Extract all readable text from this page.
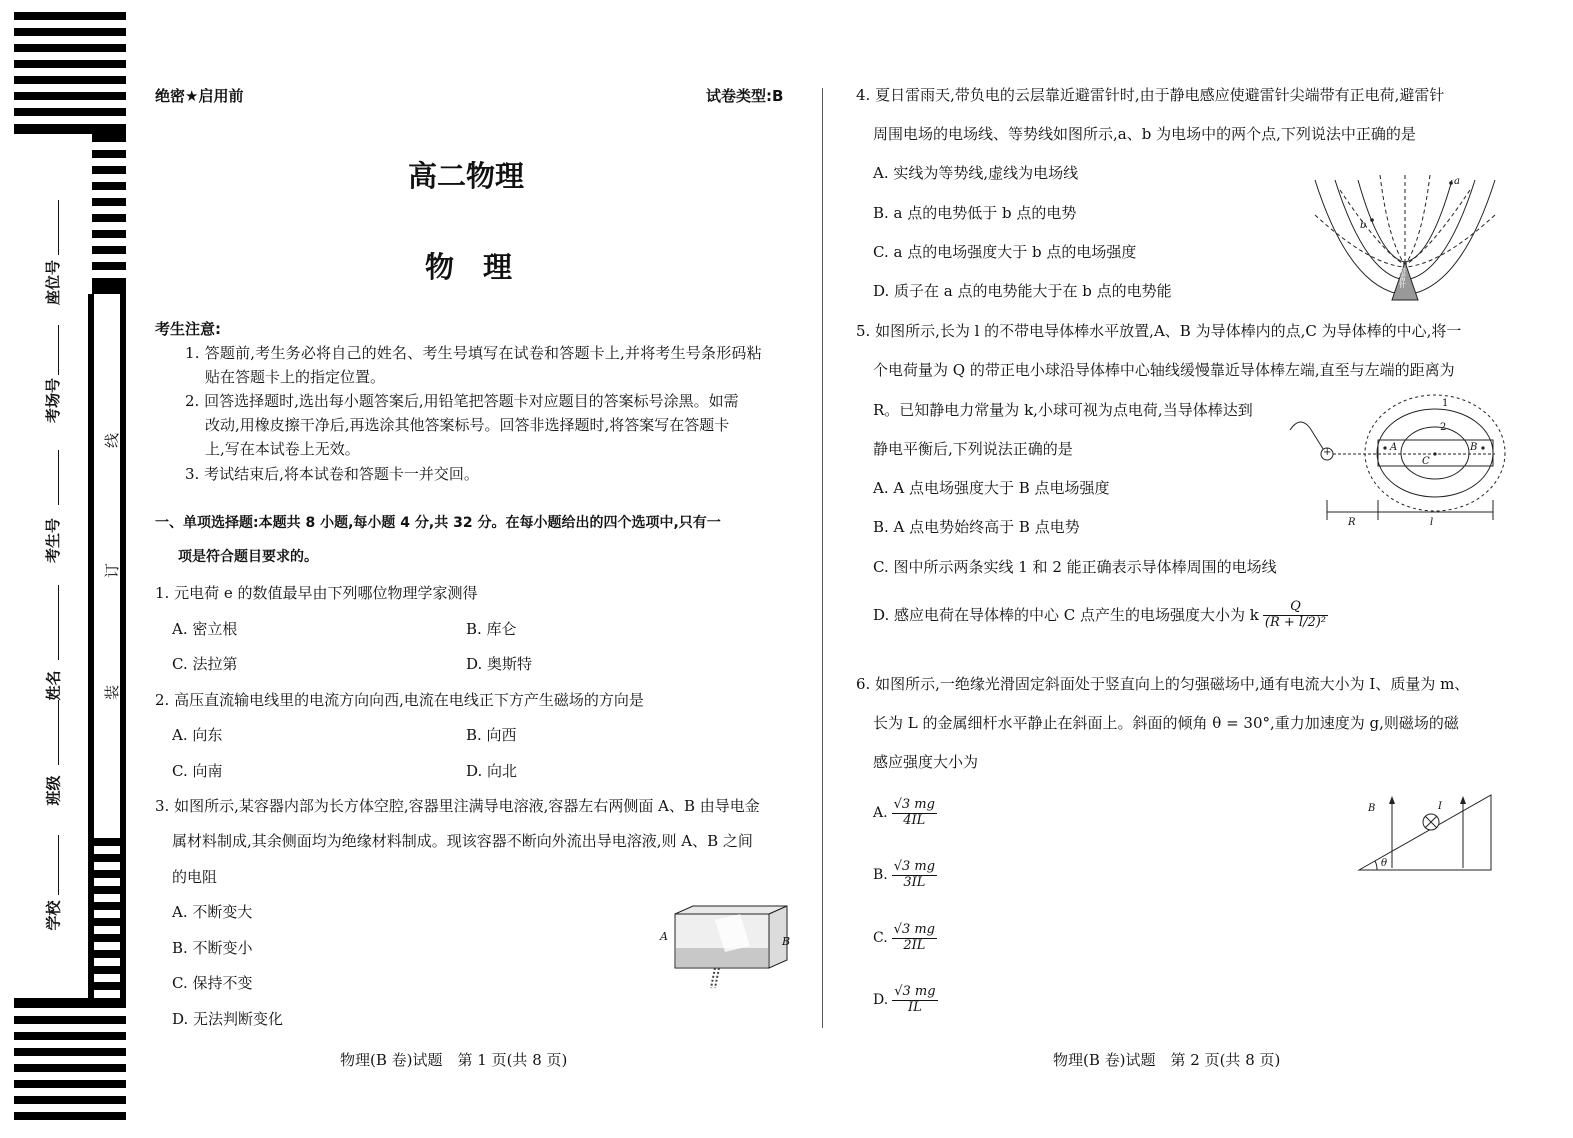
学校
班级
姓名
考生号
考场号
座位号
装
订
线
绝密★启用前	试卷类型:B
高二物理
物　理
考生注意:
1. 答题前,考生务必将自己的姓名、考生号填写在试卷和答题卡上,并将考生号条形码粘
贴在答题卡上的指定位置。
2. 回答选择题时,选出每小题答案后,用铅笔把答题卡对应题目的答案标号涂黑。如需
改动,用橡皮擦干净后,再选涂其他答案标号。回答非选择题时,将答案写在答题卡
上,写在本试卷上无效。
3. 考试结束后,将本试卷和答题卡一并交回。
一、单项选择题:本题共 8 小题,每小题 4 分,共 32 分。在每小题给出的四个选项中,只有一
项是符合题目要求的。
1. 元电荷 e 的数值最早由下列哪位物理学家测得
A. 密立根	B. 库仑
C. 法拉第	D. 奥斯特
2. 高压直流输电线里的电流方向向西,电流在电线正下方产生磁场的方向是
A. 向东	B. 向西
C. 向南	D. 向北
3. 如图所示,某容器内部为长方体空腔,容器里注满导电溶液,容器左右两侧面 A、B 由导电金
属材料制成,其余侧面均为绝缘材料制成。现该容器不断向外流出导电溶液,则 A、B 之间
的电阻
A. 不断变大
B. 不断变小
C. 保持不变
D. 无法判断变化
A	B
物理(B 卷)试题　第 1 页(共 8 页)
4. 夏日雷雨天,带负电的云层靠近避雷针时,由于静电感应使避雷针尖端带有正电荷,避雷针
周围电场的电场线、等势线如图所示,a、b 为电场中的两个点,下列说法中正确的是
A. 实线为等势线,虚线为电场线
B. a 点的电势低于 b 点的电势
C. a 点的电场强度大于 b 点的电场强度
D. 质子在 a 点的电势能大于在 b 点的电势能
a
b
避雷针
5. 如图所示,长为 l 的不带电导体棒水平放置,A、B 为导体棒内的点,C 为导体棒的中心,将一
个电荷量为 Q 的带正电小球沿导体棒中心轴线缓慢靠近导体棒左端,直至与左端的距离为
R。已知静电力常量为 k,小球可视为点电荷,当导体棒达到
静电平衡后,下列说法正确的是
A. A 点电场强度大于 B 点电场强度
B. A 点电势始终高于 B 点电势
C. 图中所示两条实线 1 和 2 能正确表示导体棒周围的电场线
D. 感应电荷在导体棒的中心 C 点产生的电场强度大小为 k $\frac{Q}{\text{(R + l/2)²}}$
1
2
A	B
C
R	l
+
6. 如图所示,一绝缘光滑固定斜面处于竖直向上的匀强磁场中,通有电流大小为 I、质量为 m、
长为 L 的金属细杆水平静止在斜面上。斜面的倾角 θ = 30°,重力加速度为 g,则磁场的磁
感应强度大小为
A. $\frac{√3 mg}{4IL}$
B. $\frac{√3 mg}{3IL}$
C. $\frac{√3 mg}{2IL}$
D. $\frac{√3 mg}{IL}$
B	I
θ
物理(B 卷)试题　第 2 页(共 8 页)
